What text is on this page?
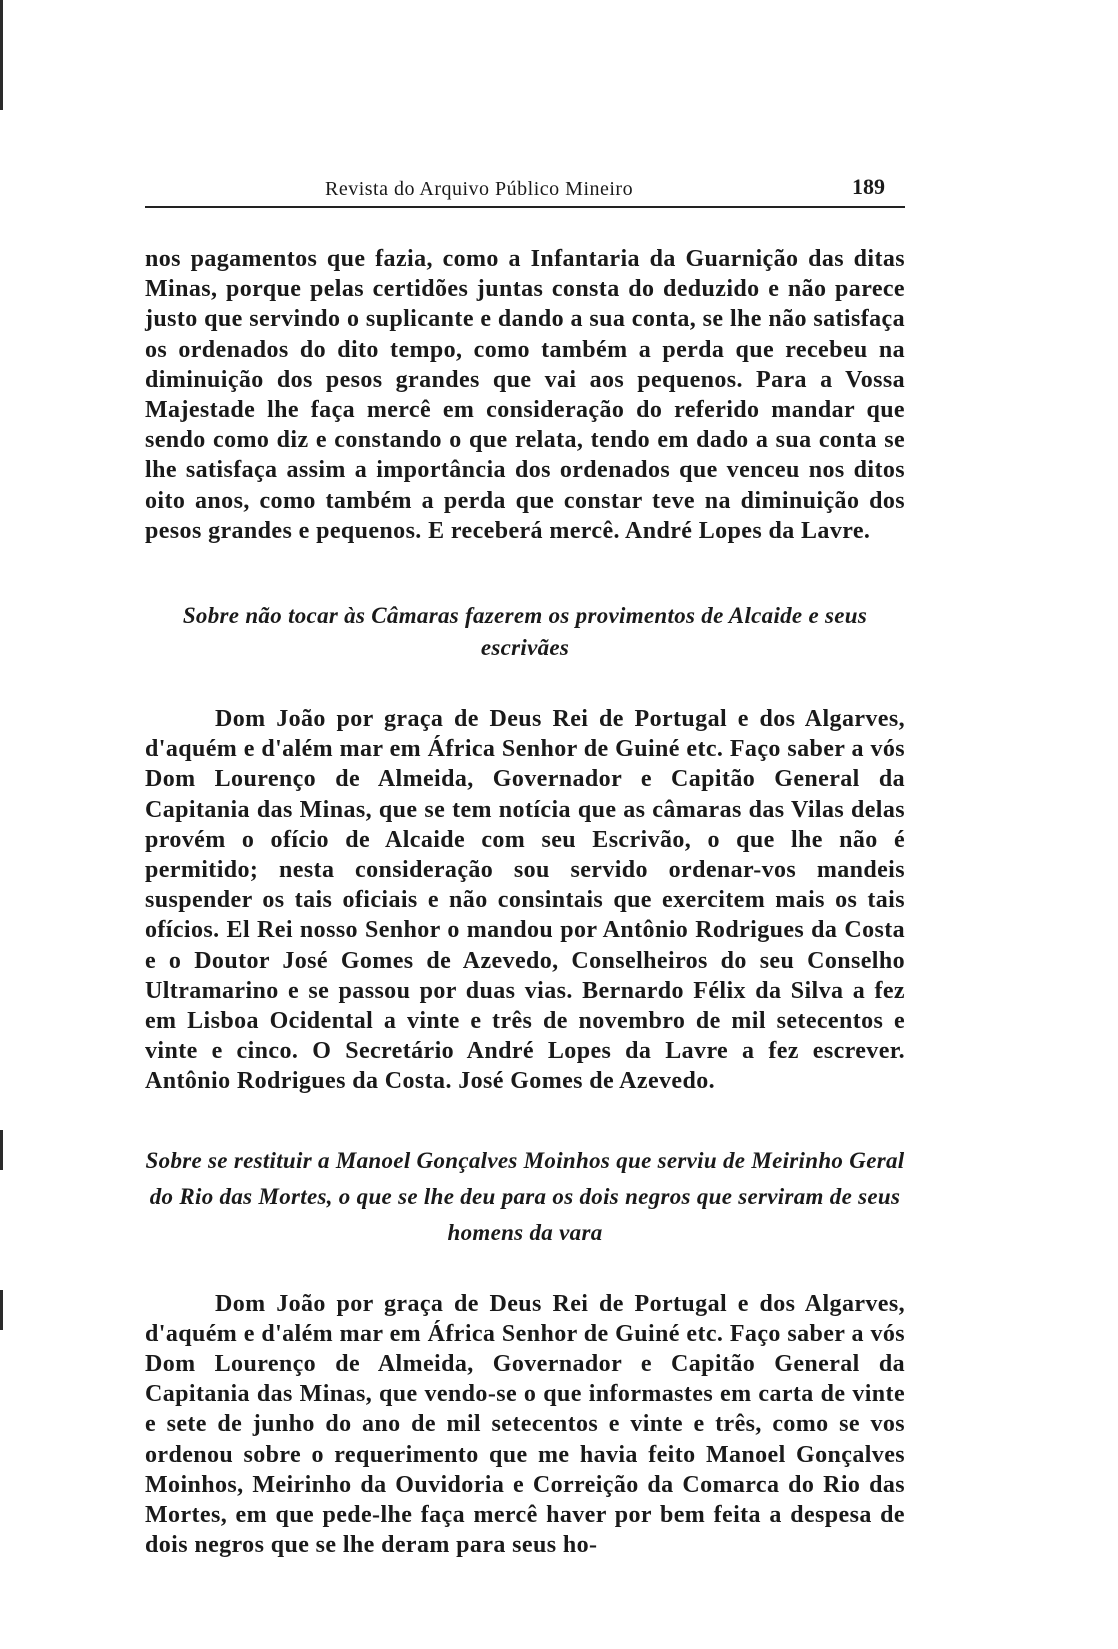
Revista do Arquivo Público Mineiro	189

nos pagamentos que fazia, como a Infantaria da Guarnição das ditas Minas, porque pelas certidões juntas consta do deduzido e não parece justo que servindo o suplicante e dando a sua conta, se lhe não satisfaça os ordenados do dito tempo, como também a perda que recebeu na diminuição dos pesos grandes que vai aos pequenos. Para a Vossa Majestade lhe faça mercê em consideração do referido mandar que sendo como diz e constando o que relata, tendo em dado a sua conta se lhe satisfaça assim a importância dos ordenados que venceu nos ditos oito anos, como também a perda que constar teve na diminuição dos pesos grandes e pequenos. E receberá mercê. André Lopes da Lavre.

Sobre não tocar às Câmaras fazerem os provimentos de Alcaide e seus escrivães

Dom João por graça de Deus Rei de Portugal e dos Algarves, d'aquém e d'além mar em África Senhor de Guiné etc. Faço saber a vós Dom Lourenço de Almeida, Governador e Capitão General da Capitania das Minas, que se tem notícia que as câmaras das Vilas delas provém o ofício de Alcaide com seu Escrivão, o que lhe não é permitido; nesta consideração sou servido ordenar-vos mandeis suspender os tais oficiais e não consintais que exercitem mais os tais ofícios. El Rei nosso Senhor o mandou por Antônio Rodrigues da Costa e o Doutor José Gomes de Azevedo, Conselheiros do seu Conselho Ultramarino e se passou por duas vias. Bernardo Félix da Silva a fez em Lisboa Ocidental a vinte e três de novembro de mil setecentos e vinte e cinco. O Secretário André Lopes da Lavre a fez escrever. Antônio Rodrigues da Costa. José Gomes de Azevedo.

Sobre se restituir a Manoel Gonçalves Moinhos que serviu de Meirinho Geral do Rio das Mortes, o que se lhe deu para os dois negros que serviram de seus homens da vara

Dom João por graça de Deus Rei de Portugal e dos Algarves, d'aquém e d'além mar em África Senhor de Guiné etc. Faço saber a vós Dom Lourenço de Almeida, Governador e Capitão General da Capitania das Minas, que vendo-se o que informastes em carta de vinte e sete de junho do ano de mil setecentos e vinte e três, como se vos ordenou sobre o requerimento que me havia feito Manoel Gonçalves Moinhos, Meirinho da Ouvidoria e Correição da Comarca do Rio das Mortes, em que pede-lhe faça mercê haver por bem feita a despesa de dois negros que se lhe deram para seus ho-
